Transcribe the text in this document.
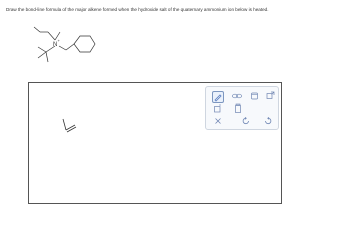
Draw the bond-line formula of the major alkene formed when the hydroxide salt of the quaternary ammonium ion below is heated.
N
+
